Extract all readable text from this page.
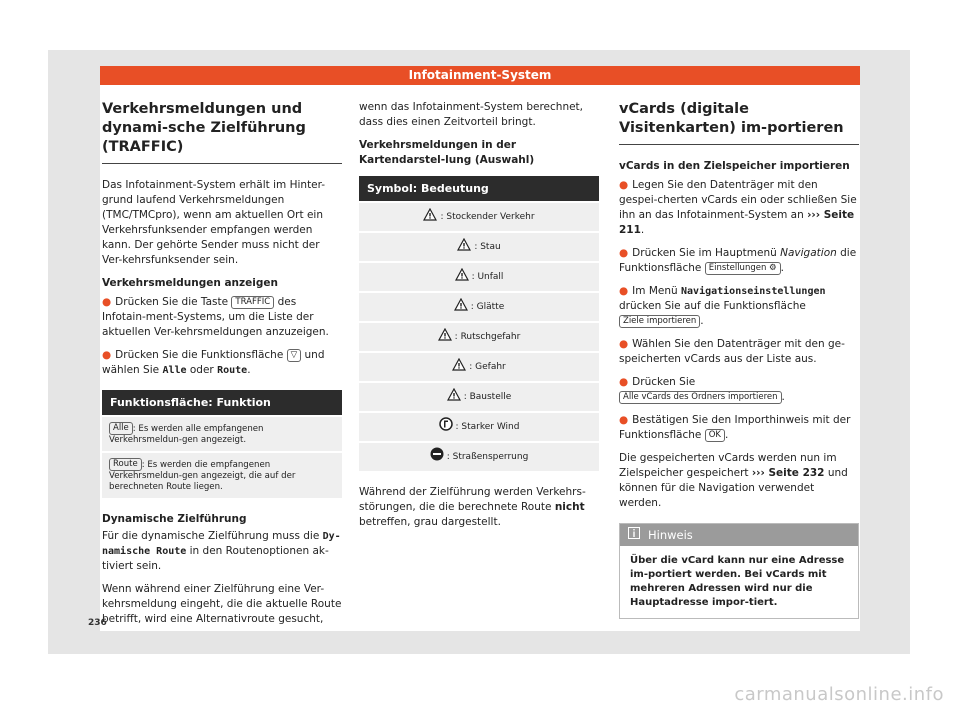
Infotainment-System
Verkehrsmeldungen und dynami-sche Zielführung (TRAFFIC)

Das Infotainment-System erhält im Hinter-grund laufend Verkehrsmeldungen (TMC/TMCpro), wenn am aktuellen Ort ein Verkehrsfunksender empfangen werden kann. Der gehörte Sender muss nicht der Ver-kehrsfunksender sein.

Verkehrsmeldungen anzeigen

● Drücken Sie die Taste TRAFFIC des Infotain-ment-Systems, um die Liste der aktuellen Ver-kehrsmeldungen anzuzeigen.

● Drücken Sie die Funktionsfläche ▽ und wählen Sie Alle oder Route.

Funktionsfläche: Funktion
Alle : Es werden alle empfangenen Verkehrsmeldun-gen angezeigt.
Route : Es werden die empfangenen Verkehrsmeldun-gen angezeigt, die auf der berechneten Route liegen.

Dynamische Zielführung

Für die dynamische Zielführung muss die Dy-namische Route in den Routenoptionen ak-tiviert sein.

Wenn während einer Zielführung eine Ver-kehrsmeldung eingeht, die die aktuelle Route betrifft, wird eine Alternativroute gesucht,

wenn das Infotainment-System berechnet, dass dies einen Zeitvorteil bringt.

Verkehrsmeldungen in der Kartendarstel-lung (Auswahl)

Symbol: Bedeutung
: Stockender Verkehr
: Stau
: Unfall
: Glätte
: Rutschgefahr
: Gefahr
: Baustelle
: Starker Wind
: Straßensperrung

Während der Zielführung werden Verkehrs-störungen, die die berechnete Route nicht betreffen, grau dargestellt.

vCards (digitale Visitenkarten) im-portieren

vCards in den Zielspeicher importieren

● Legen Sie den Datenträger mit den gespei-cherten vCards ein oder schließen Sie ihn an das Infotainment-System an ››› Seite 211.

● Drücken Sie im Hauptmenü Navigation die Funktionsfläche Einstellungen ⚙ .

● Im Menü Navigationseinstellungen drücken Sie auf die Funktionsfläche Ziele importieren .

● Wählen Sie den Datenträger mit den ge-speicherten vCards aus der Liste aus.

● Drücken Sie Alle vCards des Ordners importieren .

● Bestätigen Sie den Importhinweis mit der Funktionsfläche OK .

Die gespeicherten vCards werden nun im Zielspeicher gespeichert ››› Seite 232 und können für die Navigation verwendet werden.

Hinweis
Über die vCard kann nur eine Adresse im-portiert werden. Bei vCards mit mehreren Adressen wird nur die Hauptadresse impor-tiert.
236
carmanualsonline.info
